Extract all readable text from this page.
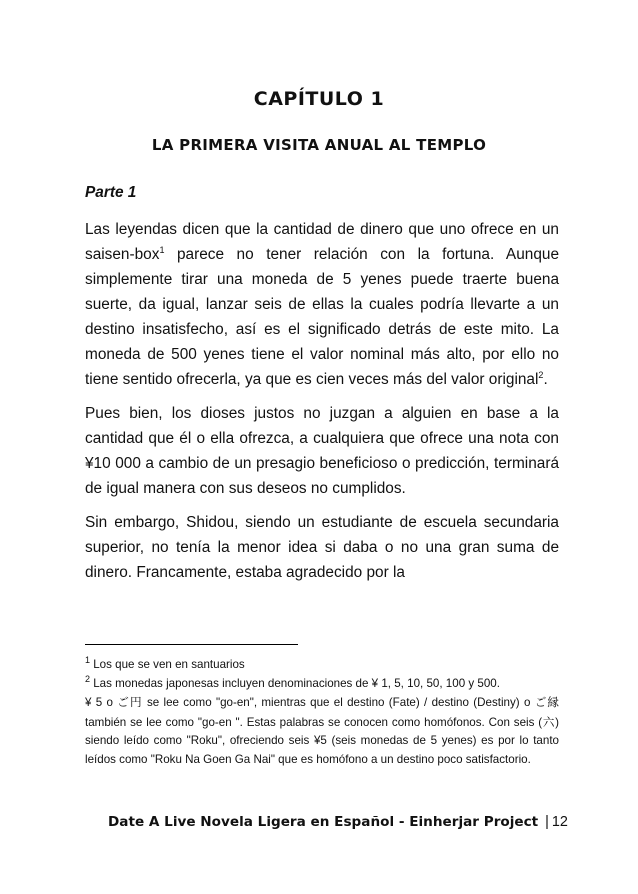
CAPÍTULO 1
LA PRIMERA VISITA ANUAL AL TEMPLO

Parte 1

Las leyendas dicen que la cantidad de dinero que uno ofrece en un saisen-box$^1$ parece no tener relación con la fortuna. Aunque simplemente tirar una moneda de 5 yenes puede traerte buena suerte, da igual, lanzar seis de ellas la cuales podría llevarte a un destino insatisfecho, así es el significado detrás de este mito. La moneda de 500 yenes tiene el valor nominal más alto, por ello no tiene sentido ofrecerla, ya que es cien veces más del valor original$^2$.

Pues bien, los dioses justos no juzgan a alguien en base a la cantidad que él o ella ofrezca, a cualquiera que ofrece una nota con ¥10 000 a cambio de un presagio beneficioso o predicción, terminará de igual manera con sus deseos no cumplidos.

Sin embargo, Shidou, siendo un estudiante de escuela secundaria superior, no tenía la menor idea si daba o no una gran suma de dinero. Francamente, estaba agradecido por la

$^1$ Los que se ven en santuarios

$^2$ Las monedas japonesas incluyen denominaciones de ¥ 1, 5, 10, 50, 100 y 500.

¥ 5 o ご円 se lee como "go-en", mientras que el destino (Fate) / destino (Destiny) o ご縁 también se lee como "go-en ". Estas palabras se conocen como homófonos. Con seis (六) siendo leído como "Roku", ofreciendo seis ¥5 (seis monedas de 5 yenes) es por lo tanto leídos como "Roku Na Goen Ga Nai" que es homófono a un destino poco satisfactorio.

Date A Live Novela Ligera en Español - Einherjar Project | 12
